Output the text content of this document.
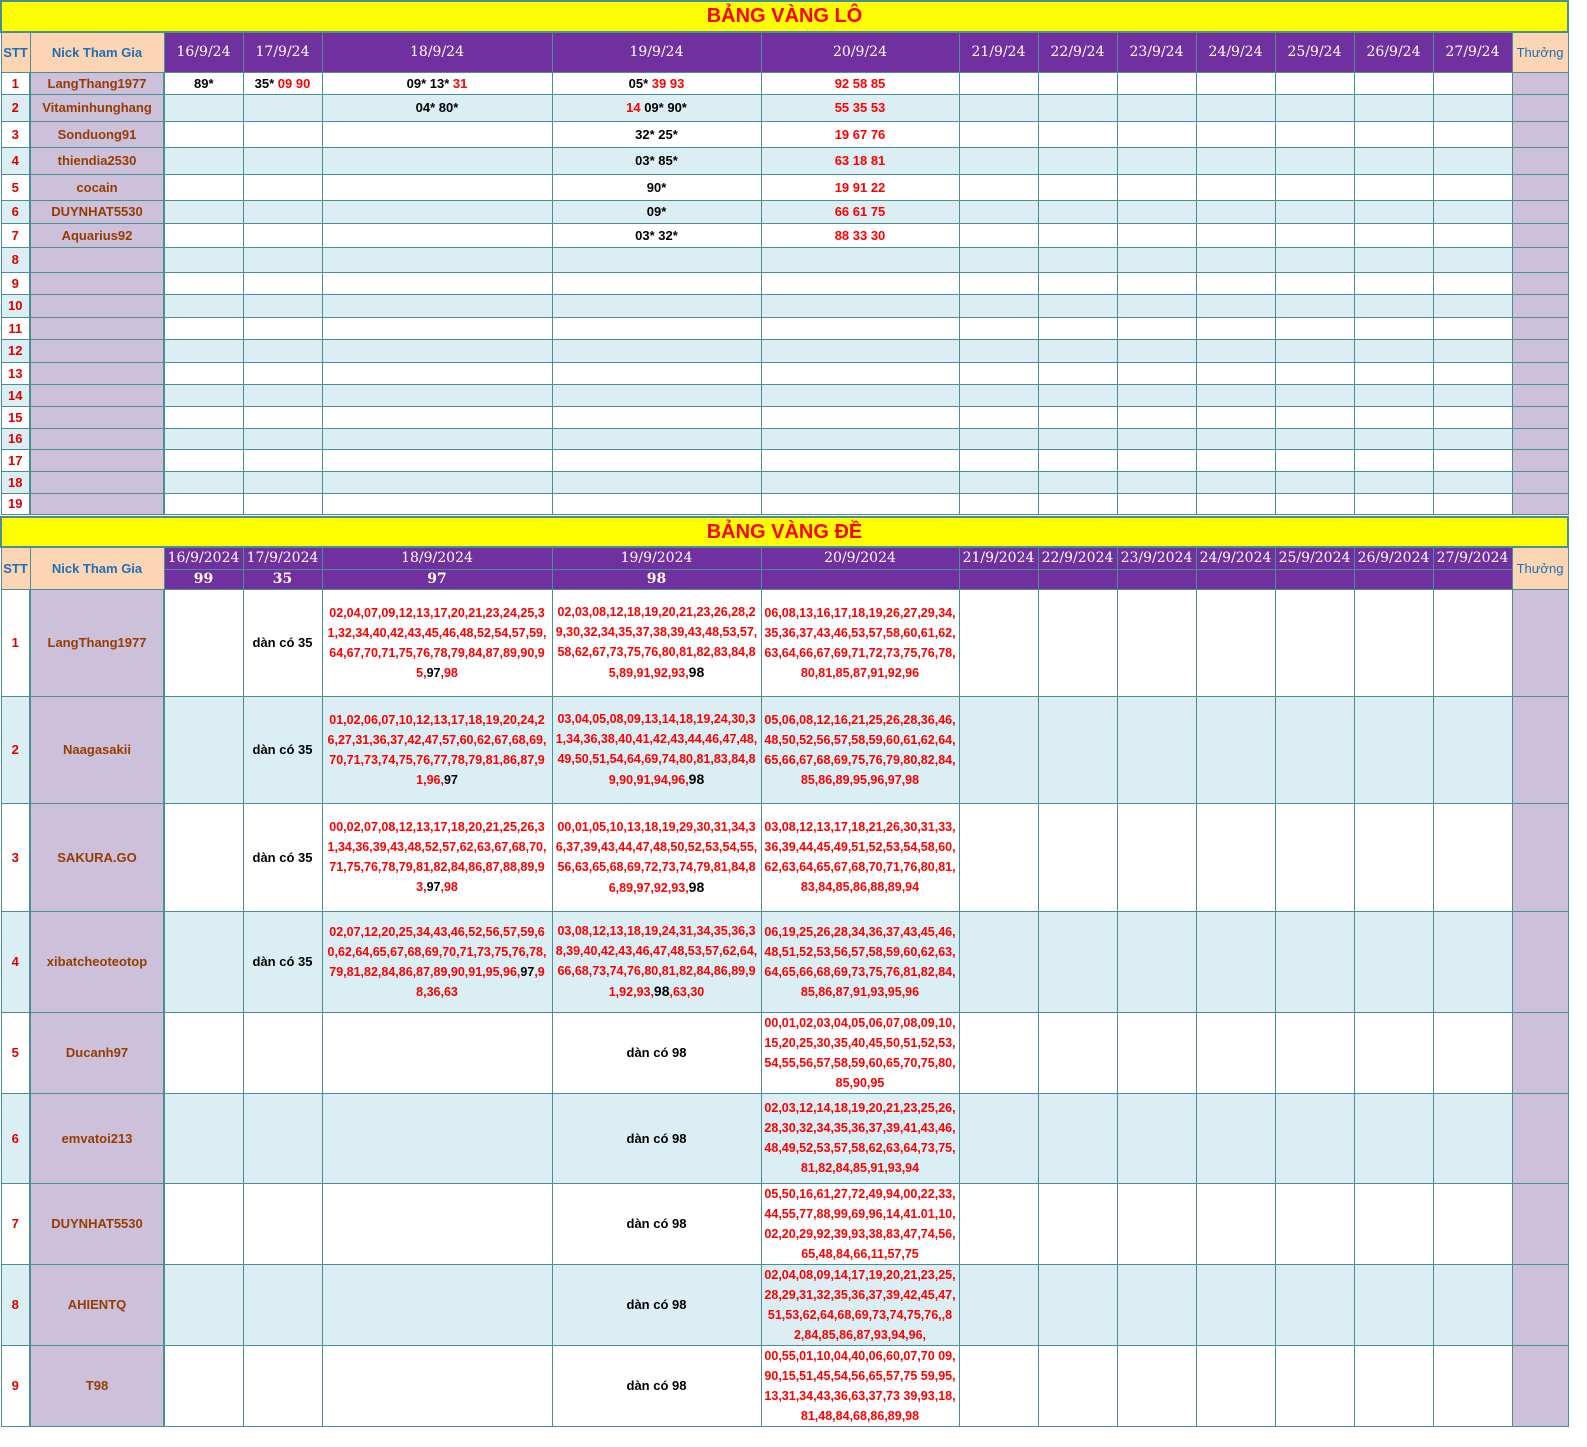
BẢNG VÀNG LÔ														
STT	Nick Tham Gia	16/9/24	17/9/24	18/9/24	19/9/24	20/9/24	21/9/24	22/9/24	23/9/24	24/9/24	25/9/24	26/9/24	27/9/24	Thưởng
1	LangThang1977	89*	35* 09 90	09* 13* 31	05* 39 93	92 58 85								
2	Vitaminhunghang			04* 80*	14 09* 90*	55 35 53								
3	Sonduong91				32* 25*	19 67 76								
4	thiendia2530				03* 85*	63 18 81								
5	cocain				90*	19 91 22								
6	DUYNHAT5530				09*	66 61 75								
7	Aquarius92				03* 32*	88 33 30								
8														
9														
10														
11														
12														
13														
14														
15														
16														
17														
18														
19														
BẢNG VÀNG ĐỀ														
STT	Nick Tham Gia	16/9/2024	17/9/2024	18/9/2024	19/9/2024	20/9/2024	21/9/2024	22/9/2024	23/9/2024	24/9/2024	25/9/2024	26/9/2024	27/9/2024	Thưởng
		99	35	97	98									
1	LangThang1977		dàn có 35	02,04,07,09,12,13,17,20,21,23,24,25,31,32,34,40,42,43,45,46,48,52,54,57,59,64,67,70,71,75,76,78,79,84,87,89,90,95,97,98	02,03,08,12,18,19,20,21,23,26,28,29,30,32,34,35,37,38,39,43,48,53,57,58,62,67,73,75,76,80,81,82,83,84,85,89,91,92,93,98	06,08,13,16,17,18,19,26,27,29,34,35,36,37,43,46,53,57,58,60,61,62,63,64,66,67,69,71,72,73,75,76,78,80,81,85,87,91,92,96								
2	Naagasakii		dàn có 35	01,02,06,07,10,12,13,17,18,19,20,24,26,27,31,36,37,42,47,57,60,62,67,68,69,70,71,73,74,75,76,77,78,79,81,86,87,91,96,97	03,04,05,08,09,13,14,18,19,24,30,31,34,36,38,40,41,42,43,44,46,47,48,49,50,51,54,64,69,74,80,81,83,84,89,90,91,94,96,98	05,06,08,12,16,21,25,26,28,36,46,48,50,52,56,57,58,59,60,61,62,64,65,66,67,68,69,75,76,79,80,82,84,85,86,89,95,96,97,98								
3	SAKURA.GO		dàn có 35	00,02,07,08,12,13,17,18,20,21,25,26,31,34,36,39,43,48,52,57,62,63,67,68,70,71,75,76,78,79,81,82,84,86,87,88,89,93,97,98	00,01,05,10,13,18,19,29,30,31,34,36,37,39,43,44,47,48,50,52,53,54,55,56,63,65,68,69,72,73,74,79,81,84,86,89,97,92,93,98	03,08,12,13,17,18,21,26,30,31,33,36,39,44,45,49,51,52,53,54,58,60,62,63,64,65,67,68,70,71,76,80,81,83,84,85,86,88,89,94								
4	xibatcheoteotop		dàn có 35	02,07,12,20,25,34,43,46,52,56,57,59,60,62,64,65,67,68,69,70,71,73,75,76,78,79,81,82,84,86,87,89,90,91,95,96,97,98,36,63	03,08,12,13,18,19,24,31,34,35,36,38,39,40,42,43,46,47,48,53,57,62,64,66,68,73,74,76,80,81,82,84,86,89,91,92,93,98,63,30	06,19,25,26,28,34,36,37,43,45,46,48,51,52,53,56,57,58,59,60,62,63,64,65,66,68,69,73,75,76,81,82,84,85,86,87,91,93,95,96								
5	Ducanh97				dàn có 98	00,01,02,03,04,05,06,07,08,09,10,15,20,25,30,35,40,45,50,51,52,53,54,55,56,57,58,59,60,65,70,75,80,85,90,95								
6	emvatoi213				dàn có 98	02,03,12,14,18,19,20,21,23,25,26,28,30,32,34,35,36,37,39,41,43,46,48,49,52,53,57,58,62,63,64,73,75,81,82,84,85,91,93,94								
7	DUYNHAT5530				dàn có 98	05,50,16,61,27,72,49,94,00,22,33,44,55,77,88,99,69,96,14,41.01,10,02,20,29,92,39,93,38,83,47,74,56,65,48,84,66,11,57,75								
8	AHIENTQ				dàn có 98	02,04,08,09,14,17,19,20,21,23,25,28,29,31,32,35,36,37,39,42,45,47,51,53,62,64,68,69,73,74,75,76,,82,84,85,86,87,93,94,96,								
9	T98				dàn có 98	00,55,01,10,04,40,06,60,07,70 09,90,15,51,45,54,56,65,57,75 59,95,13,31,34,43,36,63,37,73 39,93,18,81,48,84,68,86,89,98								
